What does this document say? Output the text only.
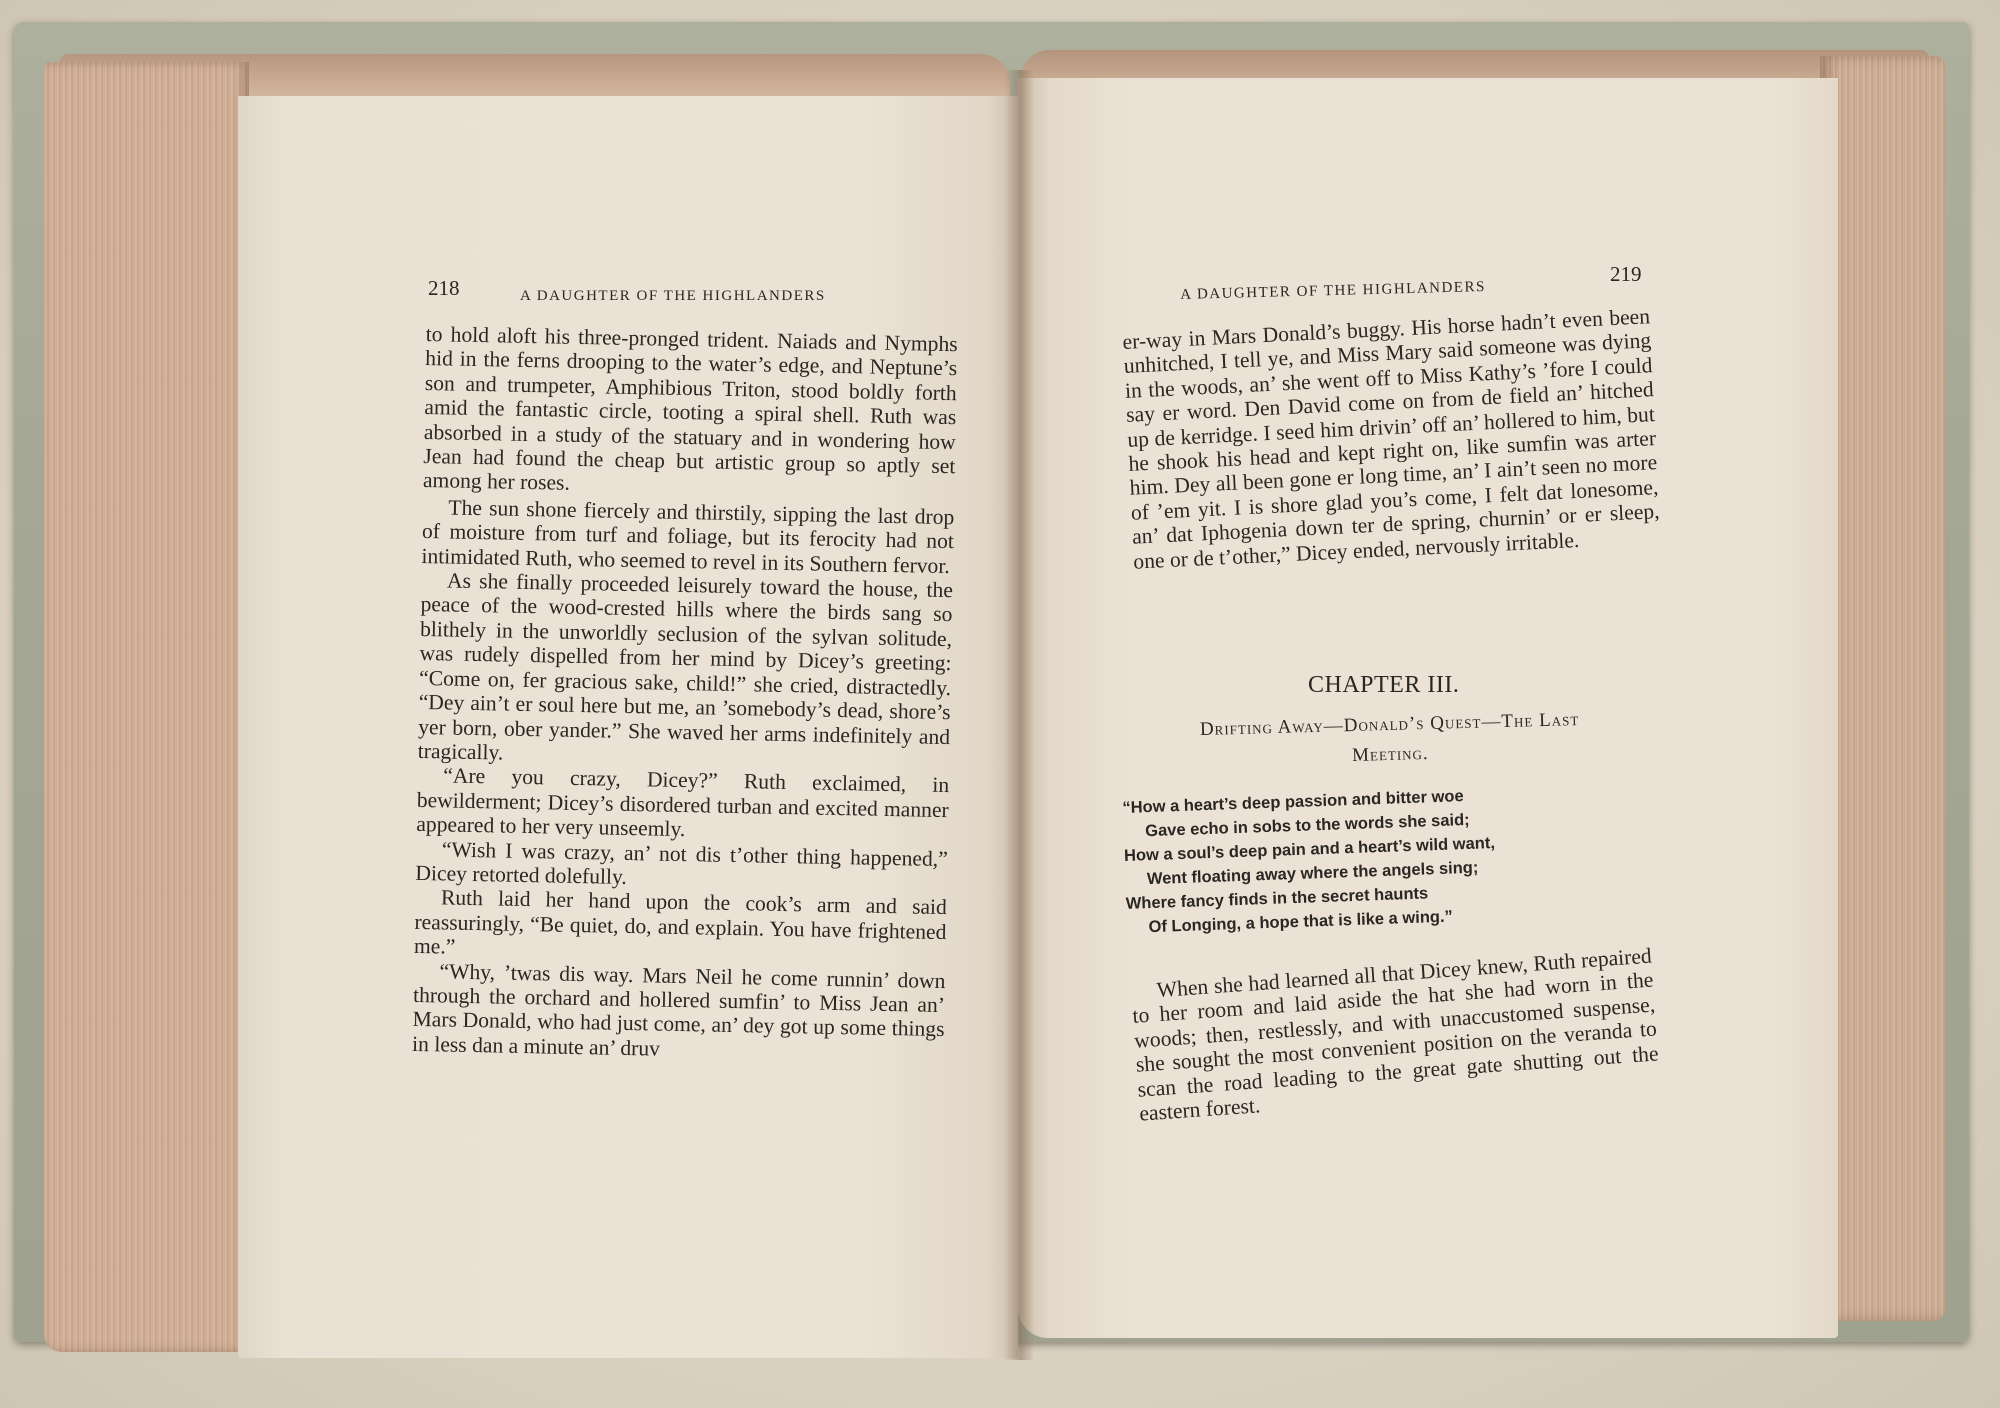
218	A DAUGHTER OF THE HIGHLANDERS

to hold aloft his three-pronged trident. Naiads and Nymphs hid in the ferns drooping to the water’s edge, and Neptune’s son and trumpeter, Amphibious Triton, stood boldly forth amid the fantastic circle, tooting a spiral shell. Ruth was absorbed in a study of the statuary and in wondering how Jean had found the cheap but artistic group so aptly set among her roses.

The sun shone fiercely and thirstily, sipping the last drop of moisture from turf and foliage, but its ferocity had not intimidated Ruth, who seemed to revel in its Southern fervor.

As she finally proceeded leisurely toward the house, the peace of the wood-crested hills where the birds sang so blithely in the unworldly seclusion of the sylvan solitude, was rudely dispelled from her mind by Dicey’s greeting: “Come on, fer gracious sake, child!” she cried, distractedly. “Dey ain’t er soul here but me, an ’somebody’s dead, shore’s yer born, ober yander.” She waved her arms indefinitely and tragically.

“Are you crazy, Dicey?” Ruth exclaimed, in bewilderment; Dicey’s disordered turban and excited manner appeared to her very unseemly.

“Wish I was crazy, an’ not dis t’other thing happened,” Dicey retorted dolefully.

Ruth laid her hand upon the cook’s arm and said reassuringly, “Be quiet, do, and explain. You have frightened me.”

“Why, ’twas dis way. Mars Neil he come runnin’ down through the orchard and hollered sumfin’ to Miss Jean an’ Mars Donald, who had just come, an’ dey got up some things in less dan a minute an’ druv

A DAUGHTER OF THE HIGHLANDERS
219
er-way in Mars Donald’s buggy. His horse hadn’t even been unhitched, I tell ye, and Miss Mary said someone was dying in the woods, an’ she went off to Miss Kathy’s ’fore I could say er word. Den David come on from de field an’ hitched up de kerridge. I seed him drivin’ off an’ hollered to him, but he shook his head and kept right on, like sumfin was arter him. Dey all been gone er long time, an’ I ain’t seen no more of ’em yit. I is shore glad you’s come, I felt dat lonesome, an’ dat Iphogenia down ter de spring, churnin’ or er sleep, one or de t’other,” Dicey ended, nervously irritable.
CHAPTER III.
Drifting Away—Donald’s Quest—The Last
Meeting.
“How a heart’s deep passion and bitter woe
Gave echo in sobs to the words she said;
How a soul’s deep pain and a heart’s wild want,
Went floating away where the angels sing;
Where fancy finds in the secret haunts
Of Longing, a hope that is like a wing.”

When she had learned all that Dicey knew, Ruth repaired to her room and laid aside the hat she had worn in the woods; then, restlessly, and with unaccustomed suspense, she sought the most convenient position on the veranda to scan the road leading to the great gate shutting out the eastern forest.
